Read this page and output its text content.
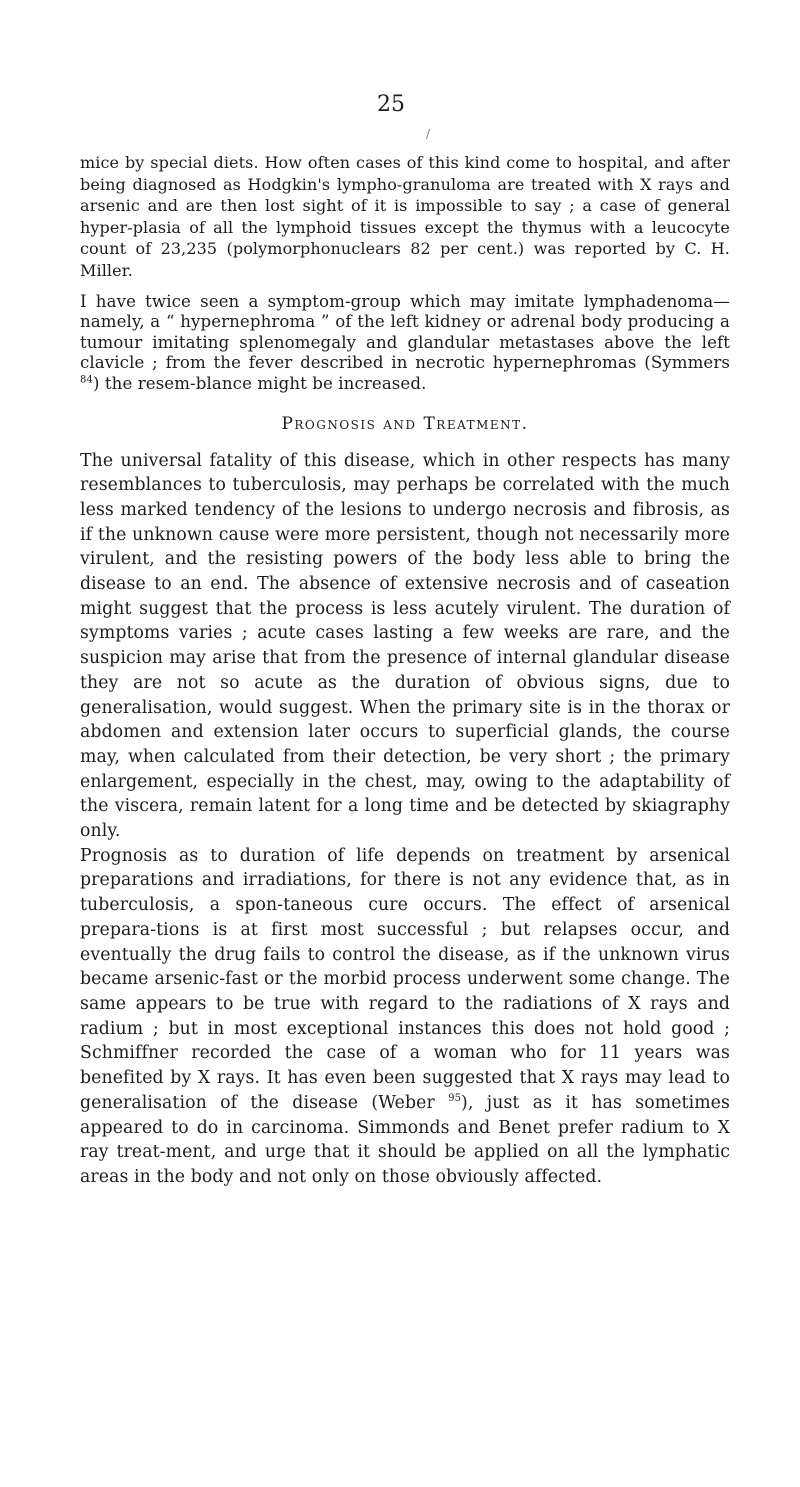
25
/

mice by special diets. How often cases of this kind come to hospital, and after being diagnosed as Hodgkin's lympho-granuloma are treated with X rays and arsenic and are then lost sight of it is impossible to say ; a case of general hyper-plasia of all the lymphoid tissues except the thymus with a leucocyte count of 23,235 (polymorphonuclears 82 per cent.) was reported by C. H. Miller.

I have twice seen a symptom-group which may imitate lymphadenoma—namely, a “ hypernephroma ” of the left kidney or adrenal body producing a tumour imitating splenomegaly and glandular metastases above the left clavicle ; from the fever described in necrotic hypernephromas (Symmers $^{84}$) the resem-blance might be increased.

Prognosis and Treatment.

The universal fatality of this disease, which in other respects has many resemblances to tuberculosis, may perhaps be correlated with the much less marked tendency of the lesions to undergo necrosis and fibrosis, as if the unknown cause were more persistent, though not necessarily more virulent, and the resisting powers of the body less able to bring the disease to an end. The absence of extensive necrosis and of caseation might suggest that the process is less acutely virulent. The duration of symptoms varies ; acute cases lasting a few weeks are rare, and the suspicion may arise that from the presence of internal glandular disease they are not so acute as the duration of obvious signs, due to generalisation, would suggest. When the primary site is in the thorax or abdomen and extension later occurs to superficial glands, the course may, when calculated from their detection, be very short ; the primary enlargement, especially in the chest, may, owing to the adaptability of the viscera, remain latent for a long time and be detected by skiagraphy only.

Prognosis as to duration of life depends on treatment by arsenical preparations and irradiations, for there is not any evidence that, as in tuberculosis, a spon-taneous cure occurs. The effect of arsenical prepara-tions is at first most successful ; but relapses occur, and eventually the drug fails to control the disease, as if the unknown virus became arsenic-fast or the morbid process underwent some change. The same appears to be true with regard to the radiations of X rays and radium ; but in most exceptional instances this does not hold good ; Schmiffner recorded the case of a woman who for 11 years was benefited by X rays. It has even been suggested that X rays may lead to generalisation of the disease (Weber $^{95}$), just as it has sometimes appeared to do in carcinoma. Simmonds and Benet prefer radium to X ray treat-ment, and urge that it should be applied on all the lymphatic areas in the body and not only on those obviously affected.
